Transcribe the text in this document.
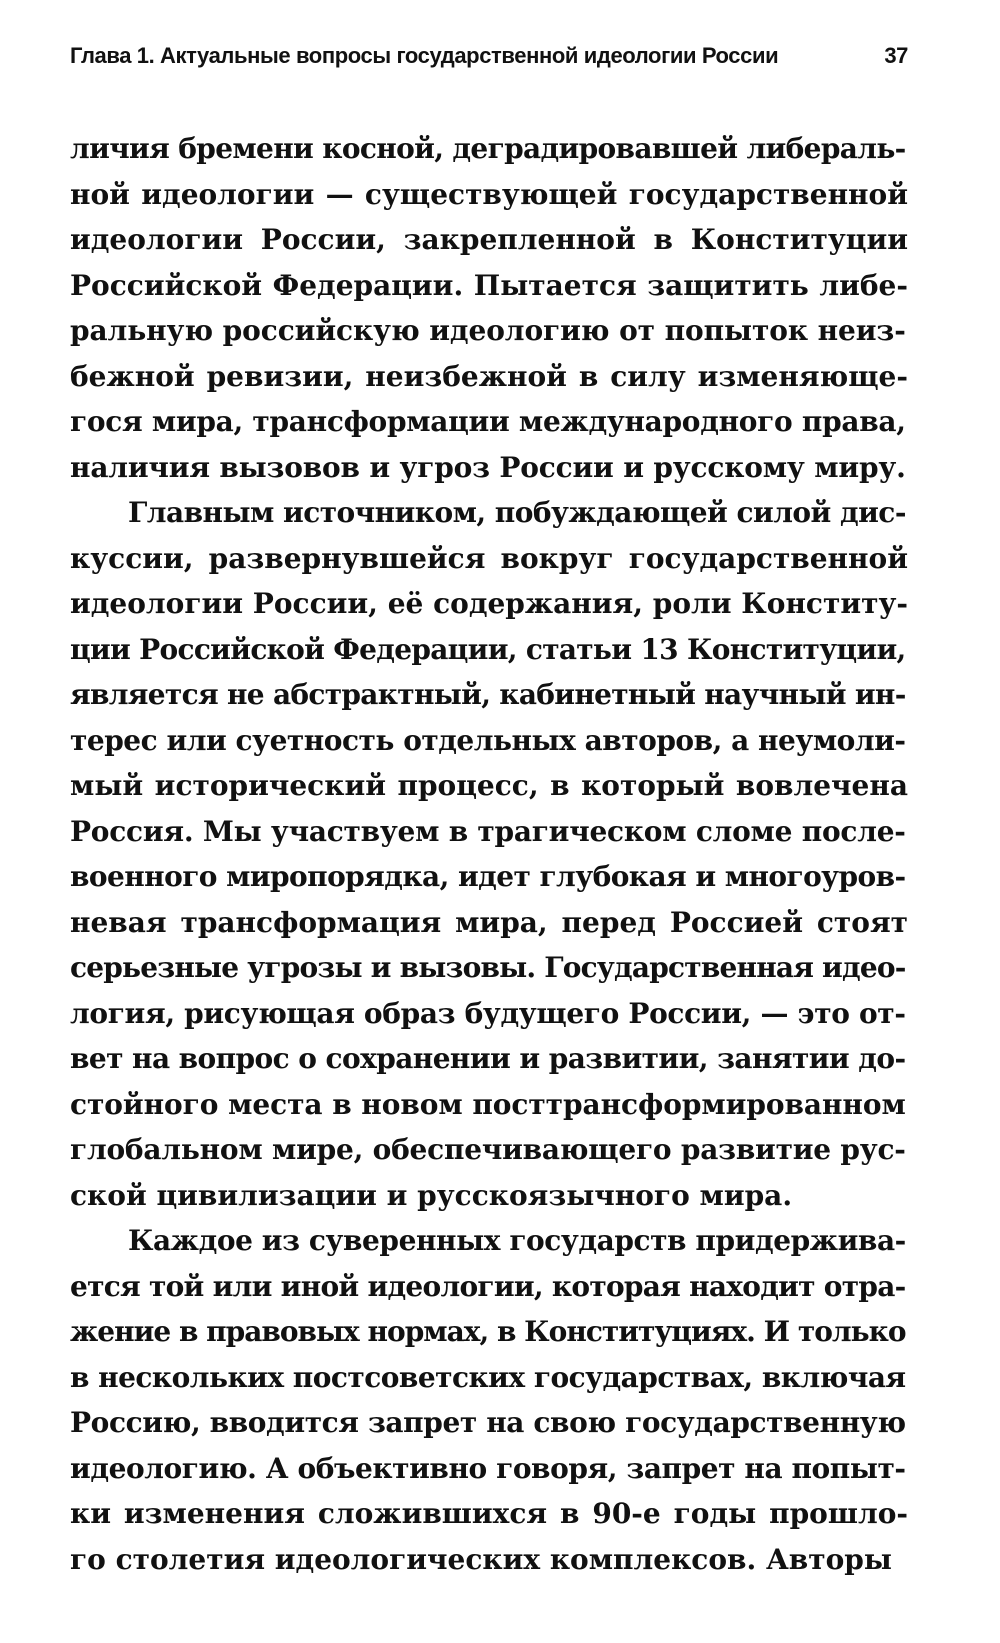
Глава 1. Актуальные вопросы государственной идеологии России	37
личия бремени косной, деградировавшей либераль-
ной идеологии — существующей государственной
идеологии России, закрепленной в Конституции
Российской Федерации. Пытается защитить либе-
ральную российскую идеологию от попыток неиз-
бежной ревизии, неизбежной в силу изменяюще-
гося мира, трансформации международного права,
наличия вызовов и угроз России и русскому миру.
Главным источником, побуждающей силой дис-
куссии, развернувшейся вокруг государственной
идеологии России, её содержания, роли Конститу-
ции Российской Федерации, статьи 13 Конституции,
является не абстрактный, кабинетный научный ин-
терес или суетность отдельных авторов, а неумоли-
мый исторический процесс, в который вовлечена
Россия. Мы участвуем в трагическом сломе после-
военного миропорядка, идет глубокая и многоуров-
невая трансформация мира, перед Россией стоят
серьезные угрозы и вызовы. Государственная идео-
логия, рисующая образ будущего России, — это от-
вет на вопрос о сохранении и развитии, занятии до-
стойного места в новом посттрансформированном
глобальном мире, обеспечивающего развитие рус-
ской цивилизации и русскоязычного мира.
Каждое из суверенных государств придержива-
ется той или иной идеологии, которая находит отра-
жение в правовых нормах, в Конституциях. И только
в нескольких постсоветских государствах, включая
Россию, вводится запрет на свою государственную
идеологию. А объективно говоря, запрет на попыт-
ки изменения сложившихся в 90-е годы прошло-
го столетия идеологических комплексов. Авторы
